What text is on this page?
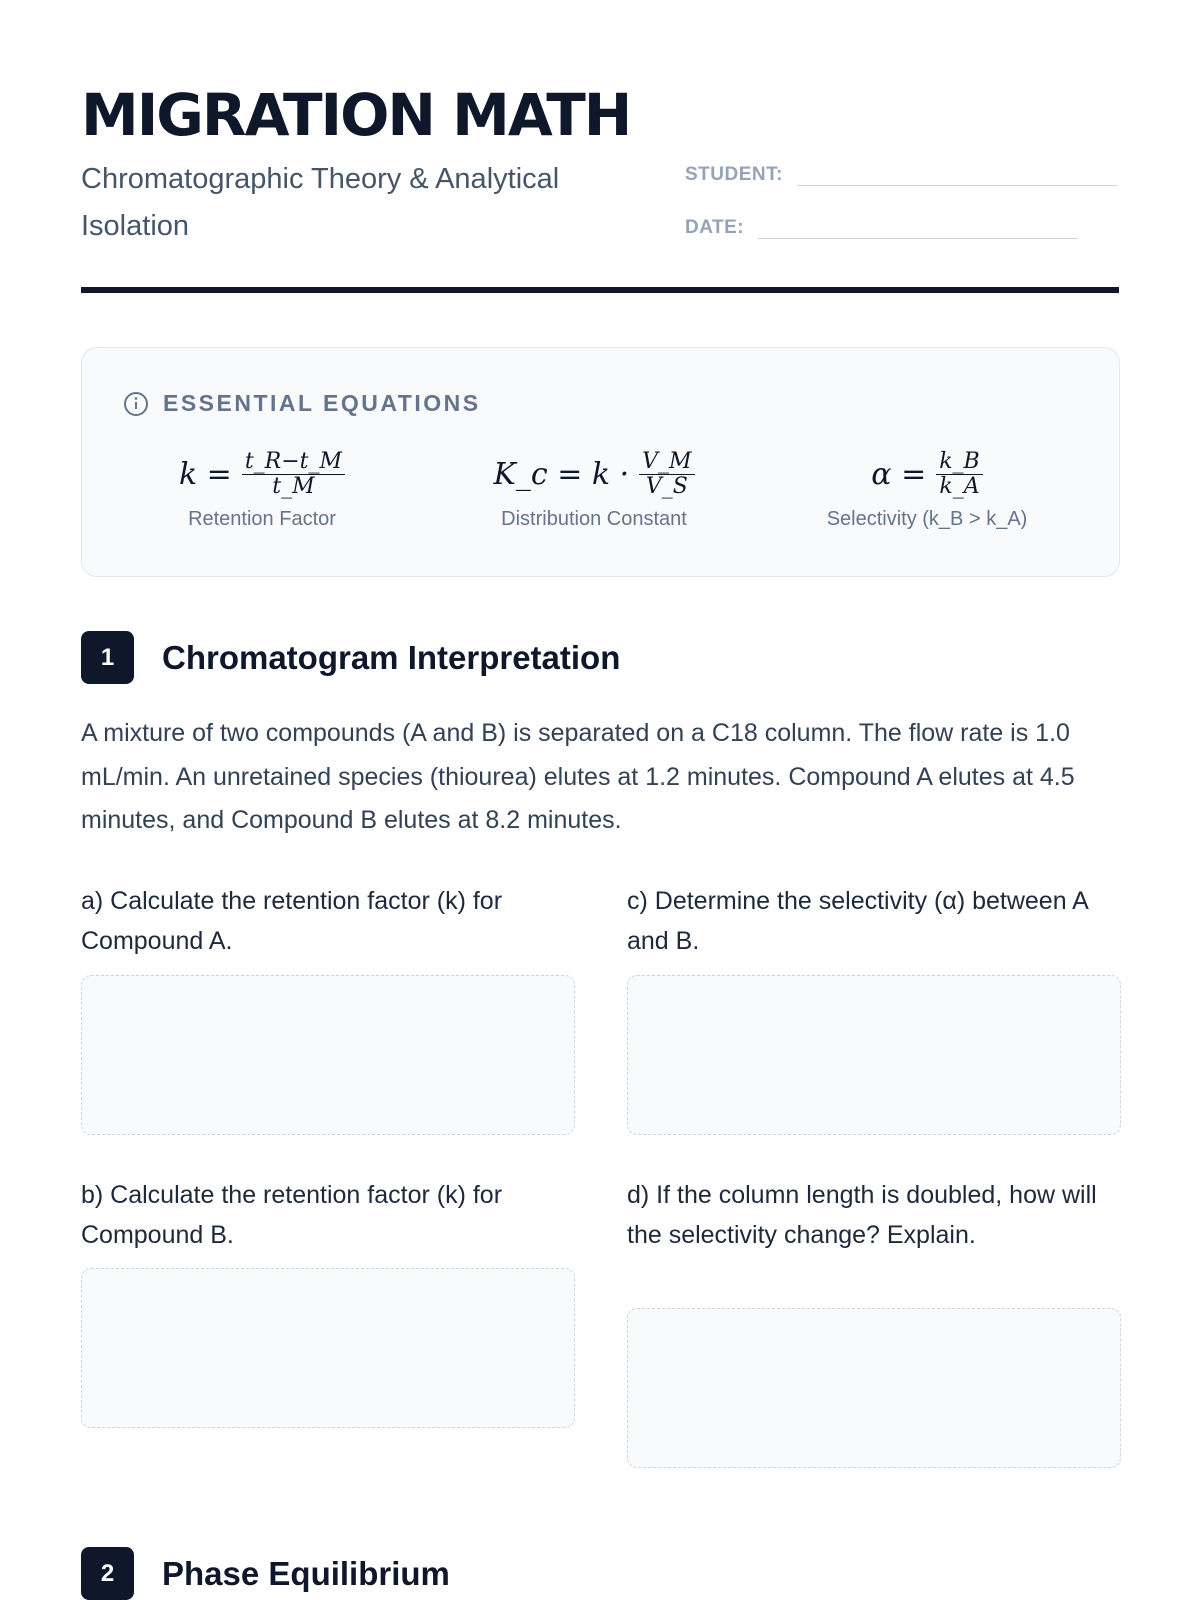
MIGRATION MATH
Chromatographic Theory & Analytical Isolation
STUDENT:
DATE:
ESSENTIAL EQUATIONS
$k = \frac{t\_R-t\_M}{t\_M}$
Retention Factor
K_c = $k \cdot \frac{V\_M}{V\_S}$
Distribution Constant
$\alpha = \frac{k\_B}{k\_A}$
Selectivity (k_B > k_A)
1	Chromatogram Interpretation

A mixture of two compounds (A and B) is separated on a C18 column. The flow rate is 1.0 mL/min. An unretained species (thiourea) elutes at 1.2 minutes. Compound A elutes at 4.5 minutes, and Compound B elutes at 8.2 minutes.

a) Calculate the retention factor (k) for Compound A.
c) Determine the selectivity (α) between A and B.
b) Calculate the retention factor (k) for Compound B.
d) If the column length is doubled, how will the selectivity change? Explain.
2	Phase Equilibrium
